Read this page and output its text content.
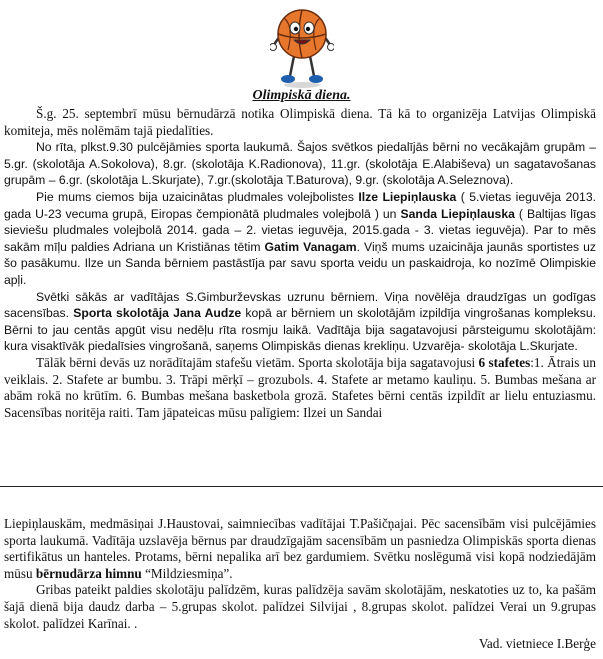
Olimpiskā diena.

Š.g. 25. septembrī mūsu bērnudārzā notika Olimpiskā diena. Tā kā to organizēja Latvijas Olimpiskā komiteja, mēs nolēmām tajā piedalīties.

No rīta, plkst.9.30 pulcējāmies sporta laukumā. Šajos svētkos piedalījās bērni no vecākajām grupām – 5.gr. (skolotāja A.Sokolova), 8.gr. (skolotāja K.Radionova), 11.gr. (skolotāja E.Alabiševa) un sagatavošanas grupām – 6.gr. (skolotāja L.Skurjate), 7.gr.(skolotāja T.Baturova), 9.gr. (skolotāja A.Seleznova).

Pie mums ciemos bija uzaicinātas pludmales volejbolistes Ilze Liepiņlauska ( 5.vietas ieguvēja 2013. gada U-23 vecuma grupā, Eiropas čempionātā pludmales volejbolā ) un Sanda Liepiņlauska ( Baltijas līgas sieviešu pludmales volejbolā 2014. gada – 2. vietas ieguvēja, 2015.gada - 3. vietas ieguvēja). Par to mēs sakām mīļu paldies Adriana un Kristiānas tētim Gatim Vanagam. Viņš mums uzaicināja jaunās sportistes uz šo pasākumu. Ilze un Sanda bērniem pastāstīja par savu sporta veidu un paskaidroja, ko nozīmē Olimpiskie apļi.

Svētki sākās ar vadītājas S.Gimburževskas uzrunu bērniem. Viņa novēlēja draudzīgas un godīgas sacensības. Sporta skolotāja Jana Audze kopā ar bērniem un skolotājām izpildīja vingrošanas kompleksu. Bērni to jau centās apgūt visu nedēļu rīta rosmju laikā. Vadītāja bija sagatavojusi pārsteigumu skolotājām: kura visaktīvāk piedalīsies vingrošanā, saņems Olimpiskās dienas krekliņu. Uzvarēja- skolotāja L.Skurjate.

Tālāk bērni devās uz norādītajām stafešu vietām. Sporta skolotāja bija sagatavojusi 6 stafetes:1. Ātrais un veiklais. 2. Stafete ar bumbu. 3. Trāpi mērķī – grozubols. 4. Stafete ar metamo kauliņu. 5. Bumbas mešana ar abām rokā no krūtīm. 6. Bumbas mešana basketbola grozā. Stafetes bērni centās izpildīt ar lielu entuziasmu. Sacensības noritēja raiti. Tam jāpateicas mūsu palīgiem: Ilzei un Sandai

Liepiņlauskām, medmāsiņai J.Haustovai, saimniecības vadītājai T.Pašičņajai. Pēc sacensībām visi pulcējāmies sporta laukumā. Vadītāja uzslavēja bērnus par draudzīgajām sacensībām un pasniedza Olimpiskās sporta dienas sertifikātus un hanteles. Protams, bērni nepalika arī bez gardumiem. Svētku noslēgumā visi kopā nodziedājām mūsu bērnudārza himnu “Mildziesmiņa”.

Gribas pateikt paldies skolotāju palīdzēm, kuras palīdzēja savām skolotājām, neskatoties uz to, ka pašām šajā dienā bija daudz darba – 5.grupas skolot. palīdzei Silvijai , 8.grupas skolot. palīdzei Verai un 9.grupas skolot. palīdzei Karīnai. .

Vad. vietniece I.Berģe
